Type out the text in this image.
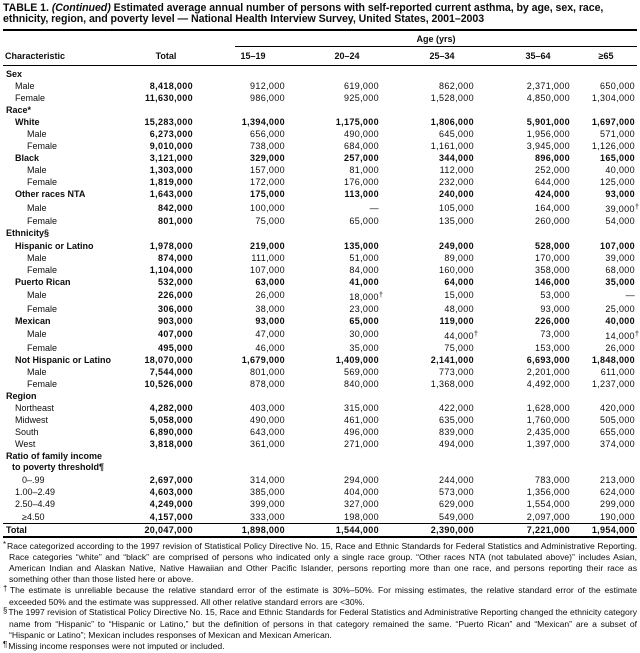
TABLE 1. (Continued) Estimated average annual number of persons with self-reported current asthma, by age, sex, race, ethnicity, region, and poverty level — National Health Interview Survey, United States, 2001–2003

		Age (yrs)				

Characteristic	Total	15–19	20–24	25–34	35–64	≥65
Sex						
Male	8,418,000	912,000	619,000	862,000	2,371,000	650,000
Female	11,630,000	986,000	925,000	1,528,000	4,850,000	1,304,000
Race*						
White	15,283,000	1,394,000	1,175,000	1,806,000	5,901,000	1,697,000
Male	6,273,000	656,000	490,000	645,000	1,956,000	571,000
Female	9,010,000	738,000	684,000	1,161,000	3,945,000	1,126,000
Black	3,121,000	329,000	257,000	344,000	896,000	165,000
Male	1,303,000	157,000	81,000	112,000	252,000	40,000
Female	1,819,000	172,000	176,000	232,000	644,000	125,000
Other races NTA	1,643,000	175,000	113,000	240,000	424,000	93,000
Male	842,000	100,000	—	105,000	164,000	39,000†
Female	801,000	75,000	65,000	135,000	260,000	54,000
Ethnicity§						
Hispanic or Latino	1,978,000	219,000	135,000	249,000	528,000	107,000
Male	874,000	111,000	51,000	89,000	170,000	39,000
Female	1,104,000	107,000	84,000	160,000	358,000	68,000
Puerto Rican	532,000	63,000	41,000	64,000	146,000	35,000
Male	226,000	26,000	18,000†	15,000	53,000	—
Female	306,000	38,000	23,000	48,000	93,000	25,000
Mexican	903,000	93,000	65,000	119,000	226,000	40,000
Male	407,000	47,000	30,000	44,000†	73,000	14,000†
Female	495,000	46,000	35,000	75,000	153,000	26,000
Not Hispanic or Latino	18,070,000	1,679,000	1,409,000	2,141,000	6,693,000	1,848,000
Male	7,544,000	801,000	569,000	773,000	2,201,000	611,000
Female	10,526,000	878,000	840,000	1,368,000	4,492,000	1,237,000
Region						
Northeast	4,282,000	403,000	315,000	422,000	1,628,000	420,000
Midwest	5,058,000	490,000	461,000	635,000	1,760,000	505,000
South	6,890,000	643,000	496,000	839,000	2,435,000	655,000
West	3,818,000	361,000	271,000	494,000	1,397,000	374,000
Ratio of family income
to poverty threshold¶						

0–.99	2,697,000	314,000	294,000	244,000	783,000	213,000
1.00–2.49	4,603,000	385,000	404,000	573,000	1,356,000	624,000
2.50–4.49	4,249,000	399,000	327,000	629,000	1,554,000	299,000
≥4.50	4,157,000	333,000	198,000	549,000	2,097,000	190,000
Total	20,047,000	1,898,000	1,544,000	2,390,000	7,221,000	1,954,000
*Race categorized according to the 1997 revision of Statistical Policy Directive No. 15, Race and Ethnic Standards for Federal Statistics and Administrative Reporting. Race categories “white” and “black” are comprised of persons who indicated only a single race group. “Other races NTA (not tabulated above)” includes Asian, American Indian and Alaskan Native, Native Hawaiian and Other Pacific Islander, persons reporting more than one race, and persons reporting their race as something other than those listed here or above.
†The estimate is unreliable because the relative standard error of the estimate is 30%–50%. For missing estimates, the relative standard error of the estimate exceeded 50% and the estimate was suppressed. All other relative standard errors are <30%.
§The 1997 revision of Statistical Policy Directive No. 15, Race and Ethnic Standards for Federal Statistics and Administrative Reporting changed the ethnicity category name from “Hispanic” to “Hispanic or Latino,” but the definition of persons in that category remained the same. “Puerto Rican” and “Mexican” are a subset of “Hispanic or Latino”; Mexican includes responses of Mexican and Mexican American.
¶Missing income responses were not imputed or included.
